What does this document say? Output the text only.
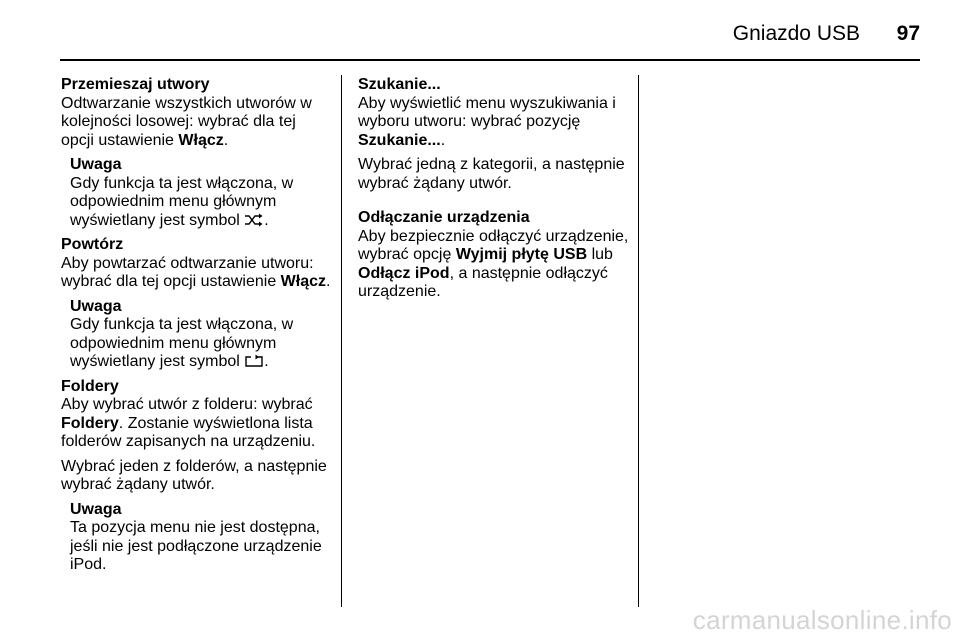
Gniazdo USB 97

Przemieszaj utwory

Odtwarzanie wszystkich utworów w kolejności losowej: wybrać dla tej opcji ustawienie Włącz.

Uwaga
Gdy funkcja ta jest włączona, w odpowiednim menu głównym wyświetlany jest symbol
.

Powtórz

Aby powtarzać odtwarzanie utworu: wybrać dla tej opcji ustawienie Włącz.

Uwaga
Gdy funkcja ta jest włączona, w odpowiednim menu głównym wyświetlany jest symbol
.

Foldery

Aby wybrać utwór z folderu: wybrać Foldery. Zostanie wyświetlona lista folderów zapisanych na urządzeniu.

Wybrać jeden z folderów, a następnie wybrać żądany utwór.

Uwaga
Ta pozycja menu nie jest dostępna, jeśli nie jest podłączone urządzenie iPod.

Szukanie...

Aby wyświetlić menu wyszukiwania i wyboru utworu: wybrać pozycję Szukanie....

Wybrać jedną z kategorii, a następnie wybrać żądany utwór.

Odłączanie urządzenia

Aby bezpiecznie odłączyć urządzenie, wybrać opcję Wyjmij płytę USB lub Odłącz iPod, a następnie odłączyć urządzenie.

carmanualsonline.info
